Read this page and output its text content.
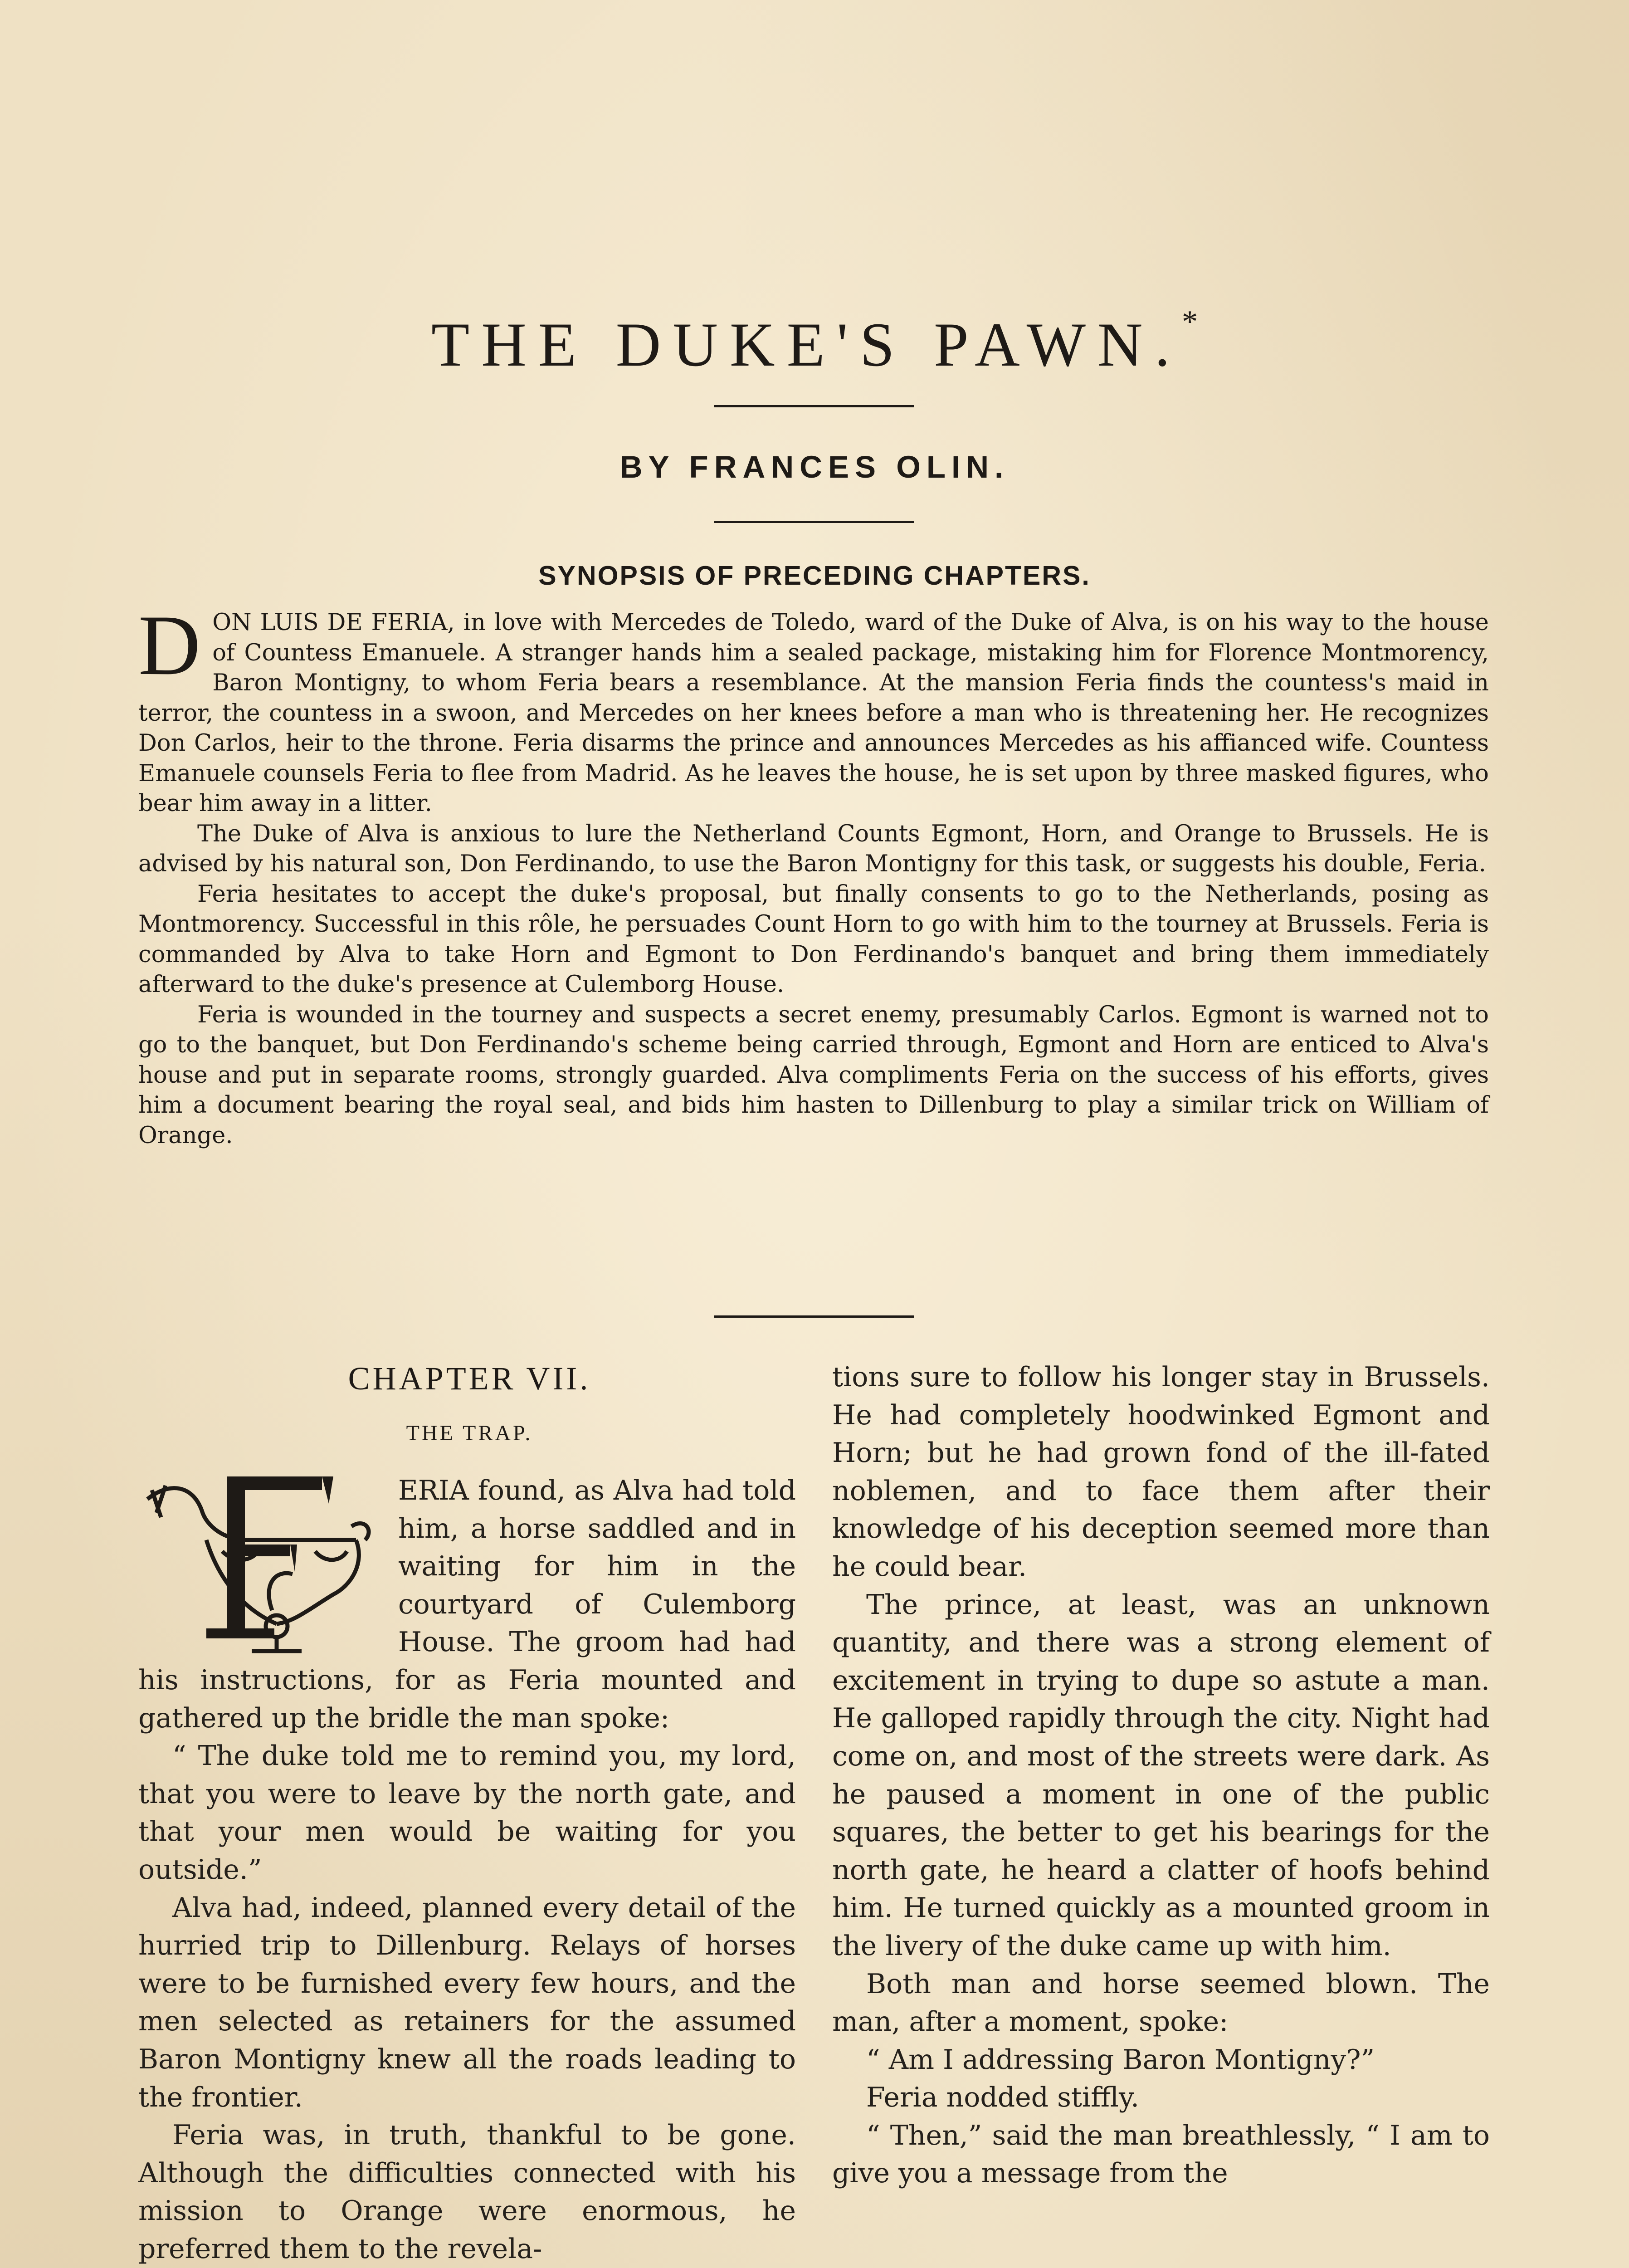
THE DUKE'S PAWN.*
BY FRANCES OLIN.
SYNOPSIS OF PRECEDING CHAPTERS.

DON LUIS DE FERIA, in love with Mercedes de Toledo, ward of the Duke of Alva, is on his way to the house of Countess Emanuele. A stranger hands him a sealed package, mistaking him for Florence Montmorency, Baron Montigny, to whom Feria bears a resemblance. At the mansion Feria finds the countess's maid in terror, the countess in a swoon, and Mercedes on her knees before a man who is threatening her. He recognizes Don Carlos, heir to the throne. Feria disarms the prince and announces Mercedes as his affianced wife. Countess Emanuele counsels Feria to flee from Madrid. As he leaves the house, he is set upon by three masked figures, who bear him away in a litter.

The Duke of Alva is anxious to lure the Netherland Counts Egmont, Horn, and Orange to Brussels. He is advised by his natural son, Don Ferdinando, to use the Baron Montigny for this task, or suggests his double, Feria.

Feria hesitates to accept the duke's proposal, but finally consents to go to the Netherlands, posing as Montmorency. Successful in this rôle, he persuades Count Horn to go with him to the tourney at Brussels. Feria is commanded by Alva to take Horn and Egmont to Don Ferdinando's banquet and bring them immediately afterward to the duke's presence at Culemborg House.

Feria is wounded in the tourney and suspects a secret enemy, presumably Carlos. Egmont is warned not to go to the banquet, but Don Ferdinando's scheme being carried through, Egmont and Horn are enticed to Alva's house and put in separate rooms, strongly guarded. Alva compliments Feria on the success of his efforts, gives him a document bearing the royal seal, and bids him hasten to Dillenburg to play a similar trick on William of Orange.

CHAPTER VII.
THE TRAP.

ERIA found, as Alva had told him, a horse saddled and in waiting for him in the courtyard of Culemborg House. The groom had had his instructions, for as Feria mounted and gathered up the bridle the man spoke:

“ The duke told me to remind you, my lord, that you were to leave by the north gate, and that your men would be waiting for you outside.”

Alva had, indeed, planned every detail of the hurried trip to Dillenburg. Relays of horses were to be furnished every few hours, and the men selected as retainers for the assumed Baron Montigny knew all the roads leading to the frontier.

Feria was, in truth, thankful to be gone. Although the difficulties connected with his mission to Orange were enormous, he preferred them to the revela-

tions sure to follow his longer stay in Brussels. He had completely hoodwinked Egmont and Horn; but he had grown fond of the ill-fated noblemen, and to face them after their knowledge of his deception seemed more than he could bear.

The prince, at least, was an unknown quantity, and there was a strong element of excitement in trying to dupe so astute a man. He galloped rapidly through the city. Night had come on, and most of the streets were dark. As he paused a moment in one of the public squares, the better to get his bearings for the north gate, he heard a clatter of hoofs behind him. He turned quickly as a mounted groom in the livery of the duke came up with him.

Both man and horse seemed blown. The man, after a moment, spoke:

“ Am I addressing Baron Montigny?”

Feria nodded stiffly.

“ Then,” said the man breathlessly, “ I am to give you a message from the
